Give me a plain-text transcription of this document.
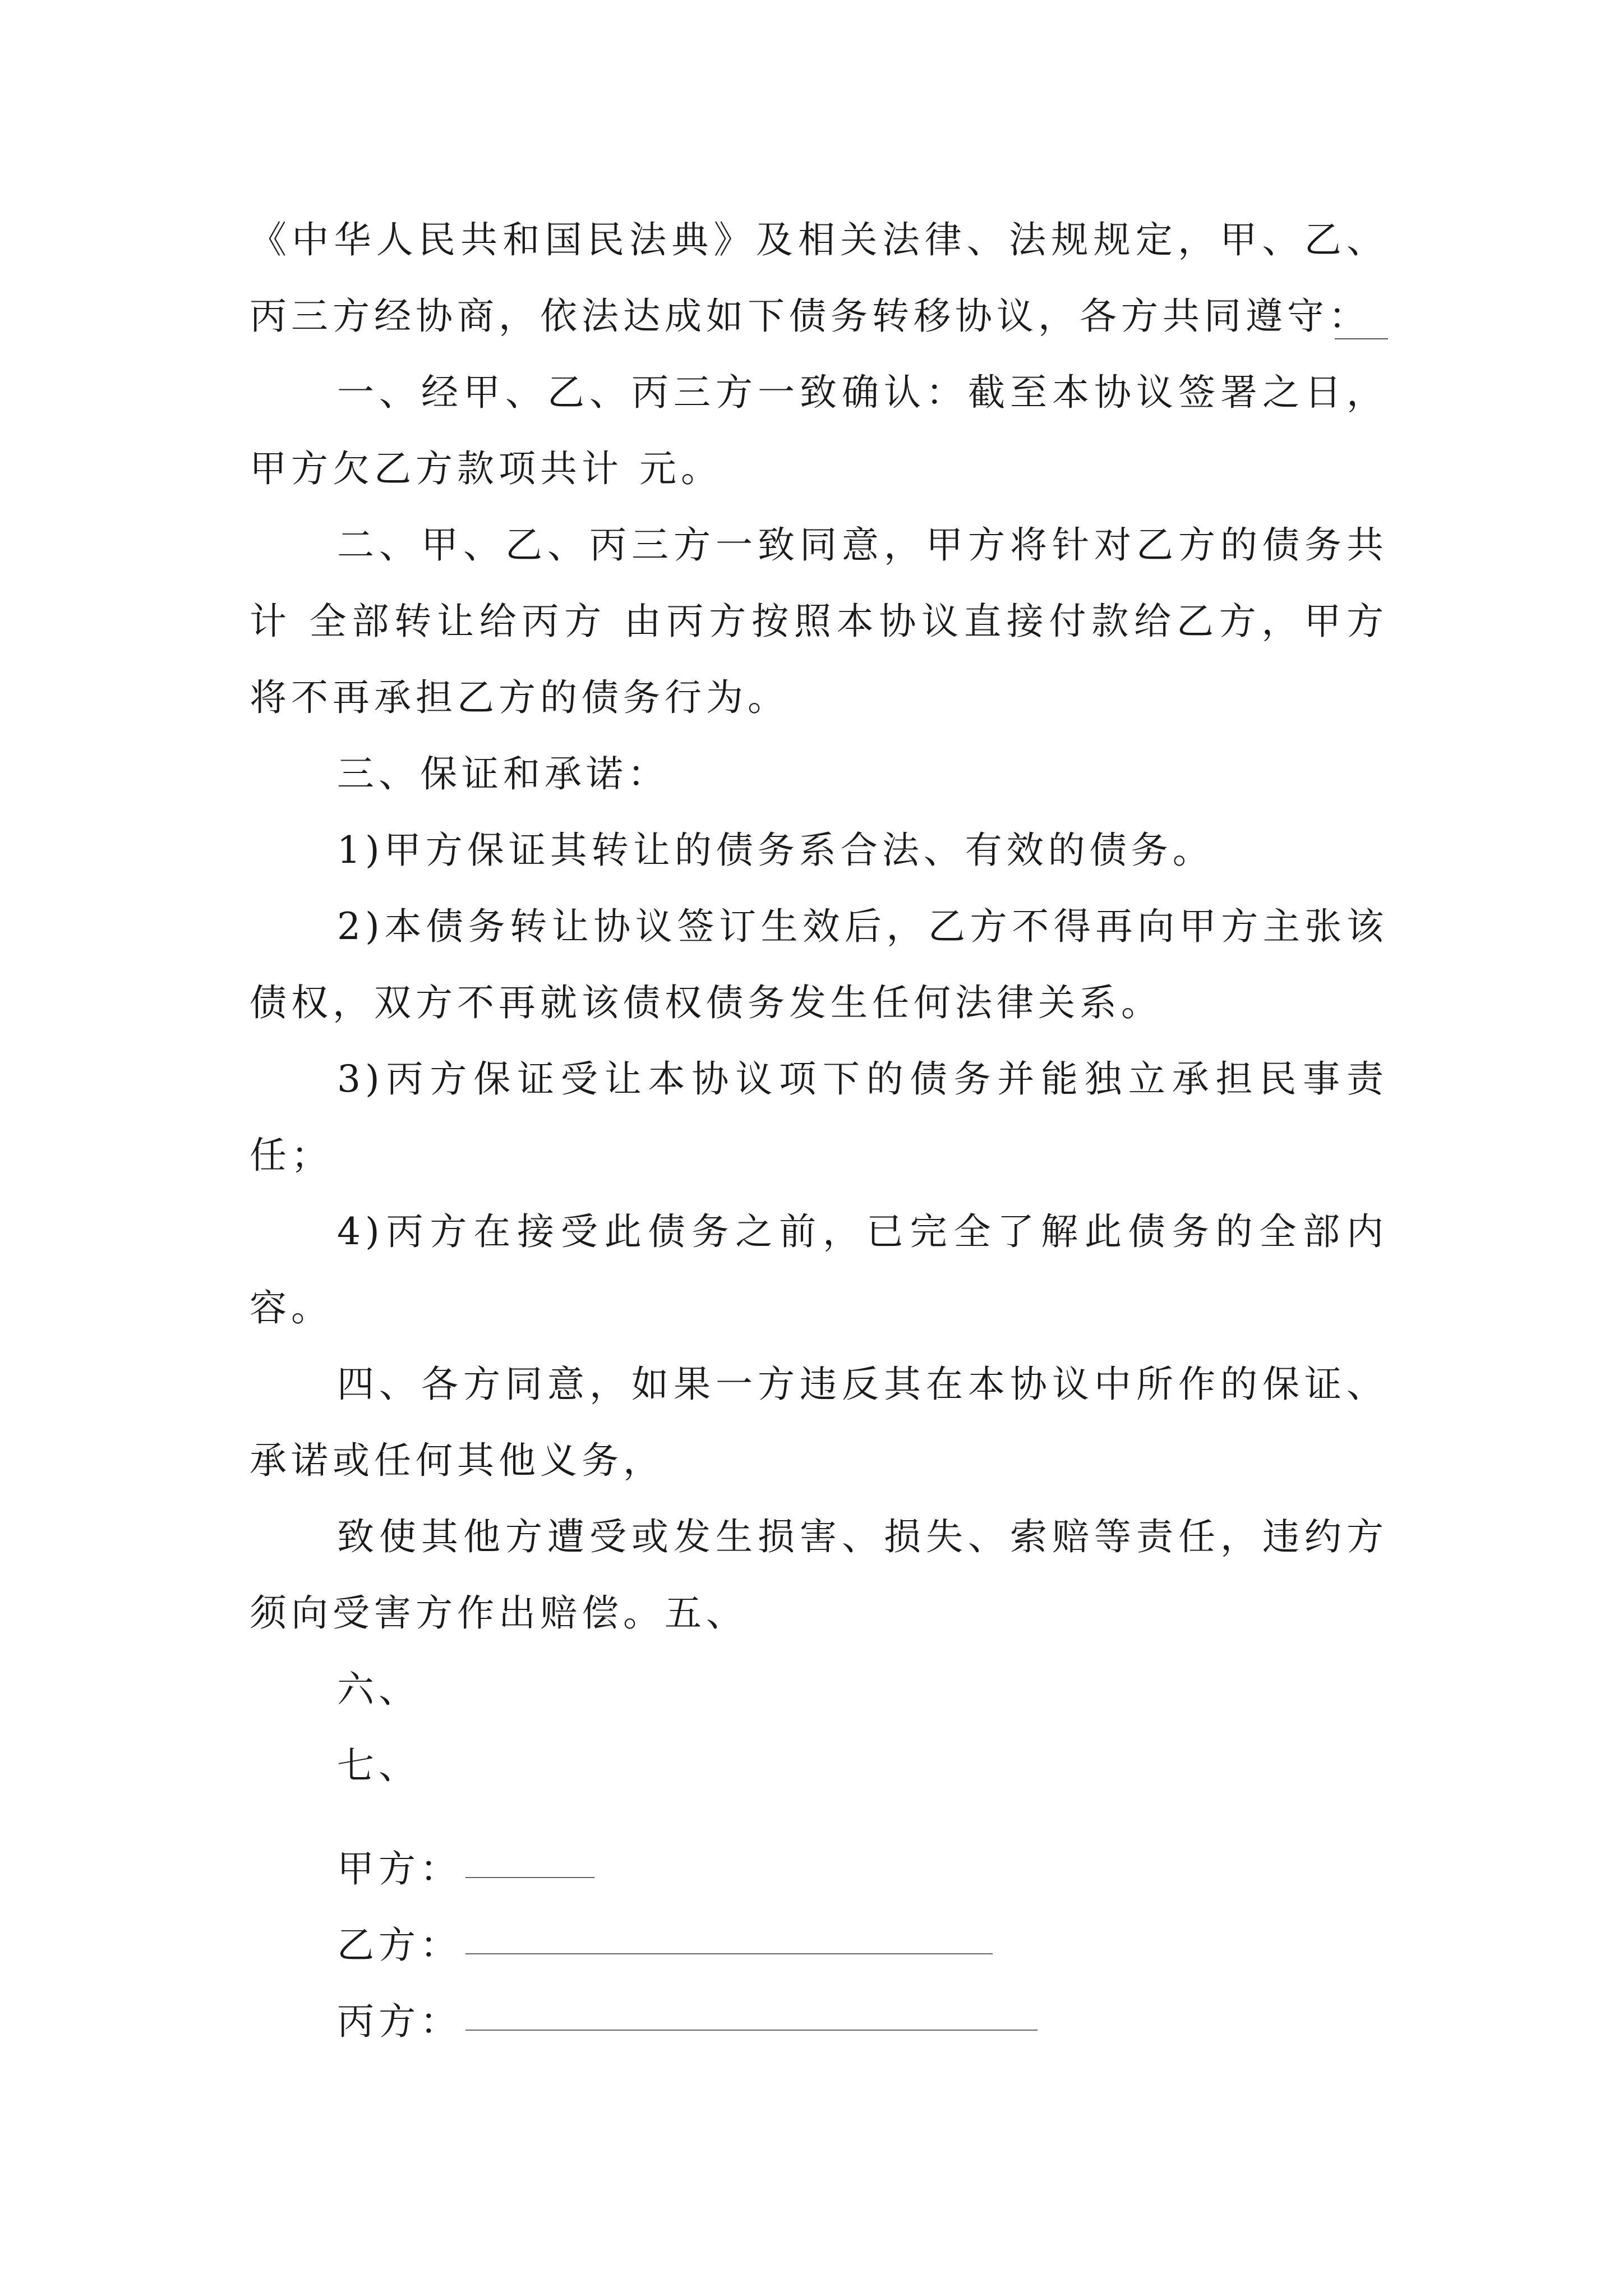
《中华人民共和国民法典》及相关法律、法规规定，甲、乙、丙三方经协商，依法达成如下债务转移协议，各方共同遵守：

一、经甲、乙、丙三方一致确认：截至本协议签署之日，甲方欠乙方款项共计 元。

二、甲、乙、丙三方一致同意，甲方将针对乙方的债务共计 全部转让给丙方 由丙方按照本协议直接付款给乙方，甲方将不再承担乙方的债务行为。

三、保证和承诺：

1)甲方保证其转让的债务系合法、有效的债务。

2)本债务转让协议签订生效后，乙方不得再向甲方主张该债权，双方不再就该债权债务发生任何法律关系。

3)丙方保证受让本协议项下的债务并能独立承担民事责任；

4)丙方在接受此债务之前，已完全了解此债务的全部内容。

四、各方同意，如果一方违反其在本协议中所作的保证、承诺或任何其他义务，

致使其他方遭受或发生损害、损失、索赔等责任，违约方须向受害方作出赔偿。五、

六、

七、

甲方：
乙方：
丙方：
